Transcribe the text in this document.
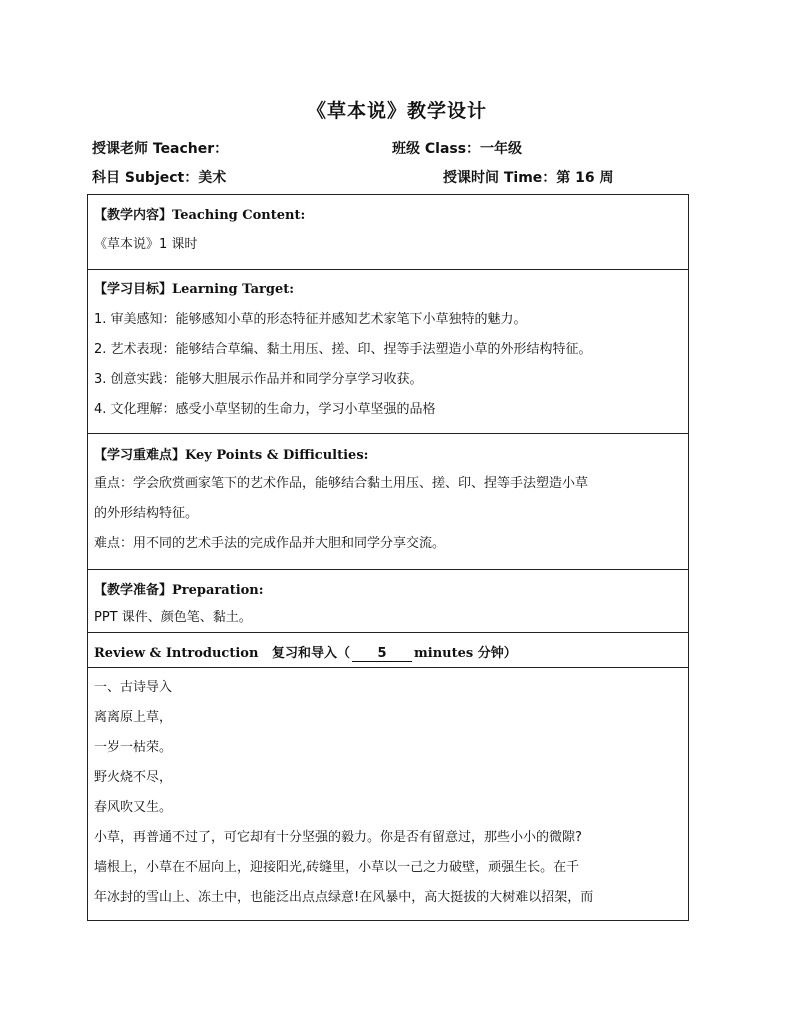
《草本说》教学设计
授课老师 Teacher：	班级 Class：一年级
科目 Subject：美术	授课时间 Time：第 16 周
【教学内容】Teaching Content:
《草本说》1 课时
【学习目标】Learning Target:
1. 审美感知：能够感知小草的形态特征并感知艺术家笔下小草独特的魅力。
2. 艺术表现：能够结合草编、黏土用压、搓、印、捏等手法塑造小草的外形结构特征。
3. 创意实践：能够大胆展示作品并和同学分享学习收获。
4. 文化理解：感受小草坚韧的生命力，学习小草坚强的品格
【学习重难点】Key Points & Difficulties:
重点：学会欣赏画家笔下的艺术作品，能够结合黏土用压、搓、印、捏等手法塑造小草
的外形结构特征。
难点：用不同的艺术手法的完成作品并大胆和同学分享交流。
【教学准备】Preparation:
PPT 课件、颜色笔、黏土。
Review & Introduction 复习和导入（ 5 minutes 分钟）
一、古诗导入
离离原上草，
一岁一枯荣。
野火烧不尽，
春风吹又生。
小草，再普通不过了，可它却有十分坚强的毅力。你是否有留意过，那些小小的微隙?
墙根上，小草在不屈向上，迎接阳光,砖缝里，小草以一己之力破壁，顽强生长。在千
年冰封的雪山上、冻土中，也能泛出点点绿意!在风暴中，高大挺拔的大树难以招架，而
